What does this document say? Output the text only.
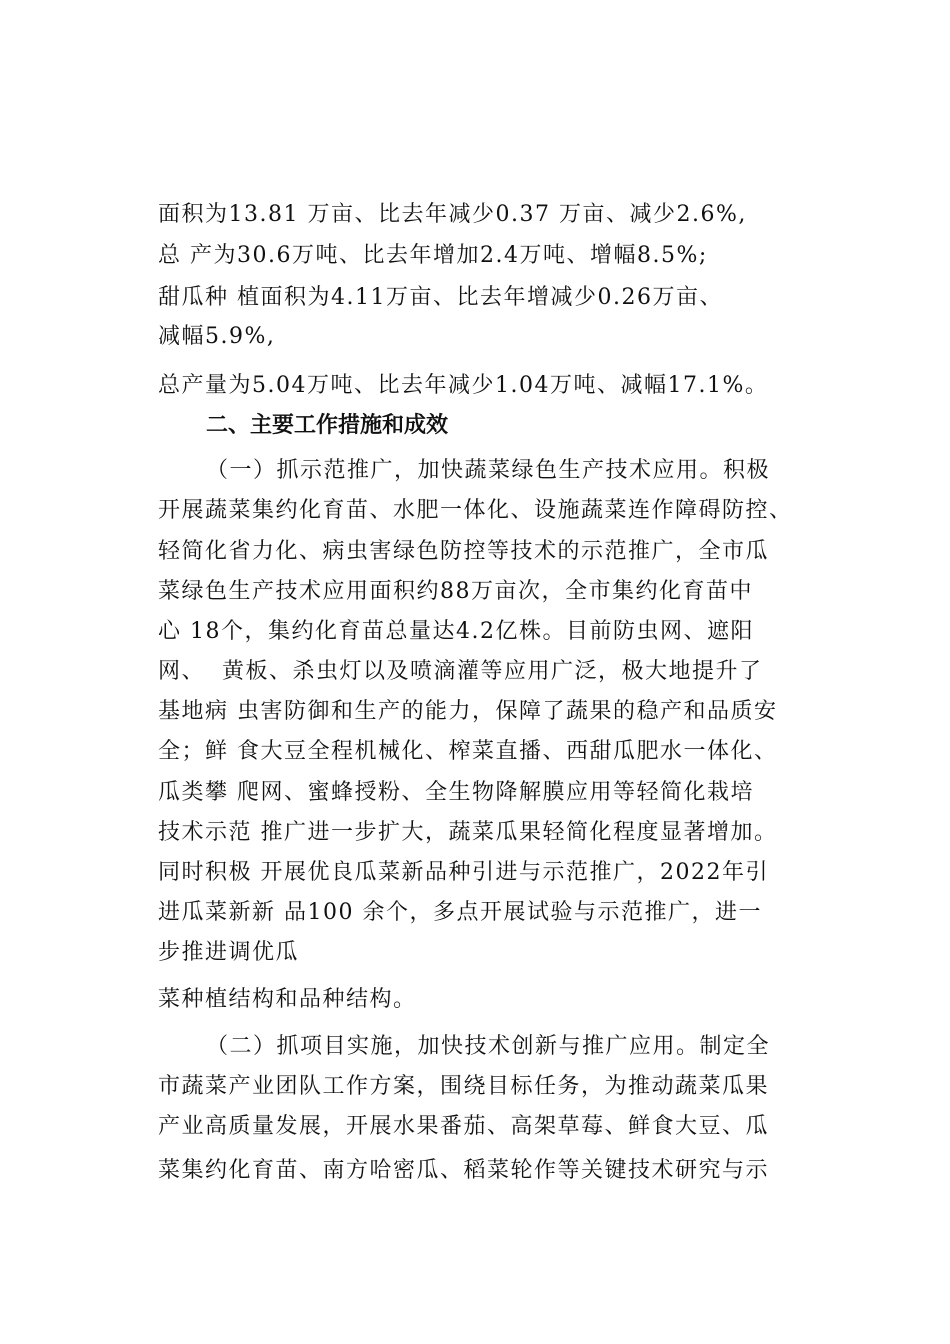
面积为13.81 万亩、比去年减少0.37 万亩、减少2.6%,
总 产为30.6万吨、比去年增加2.4万吨、增幅8.5%;
甜瓜种 植面积为4.11万亩、比去年增减少0.26万亩、
减幅5.9%,
总产量为5.04万吨、比去年减少1.04万吨、减幅17.1%。
二、主要工作措施和成效
（一）抓示范推广，加快蔬菜绿色生产技术应用。积极
开展蔬菜集约化育苗、水肥一体化、设施蔬菜连作障碍防控、
轻简化省力化、病虫害绿色防控等技术的示范推广，全市瓜
菜绿色生产技术应用面积约88万亩次，全市集约化育苗中
心 18个，集约化育苗总量达4.2亿株。目前防虫网、遮阳
网、  黄板、杀虫灯以及喷滴灌等应用广泛，极大地提升了
基地病 虫害防御和生产的能力，保障了蔬果的稳产和品质安
全；鲜 食大豆全程机械化、榨菜直播、西甜瓜肥水一体化、
瓜类攀 爬网、蜜蜂授粉、全生物降解膜应用等轻简化栽培
技术示范 推广进一步扩大，蔬菜瓜果轻简化程度显著增加。
同时积极 开展优良瓜菜新品种引进与示范推广，2022年引
进瓜菜新新 品100 余个，多点开展试验与示范推广，进一
步推进调优瓜
菜种植结构和品种结构。
（二）抓项目实施，加快技术创新与推广应用。制定全
市蔬菜产业团队工作方案，围绕目标任务，为推动蔬菜瓜果
产业高质量发展，开展水果番茄、高架草莓、鲜食大豆、瓜
菜集约化育苗、南方哈密瓜、稻菜轮作等关键技术研究与示
